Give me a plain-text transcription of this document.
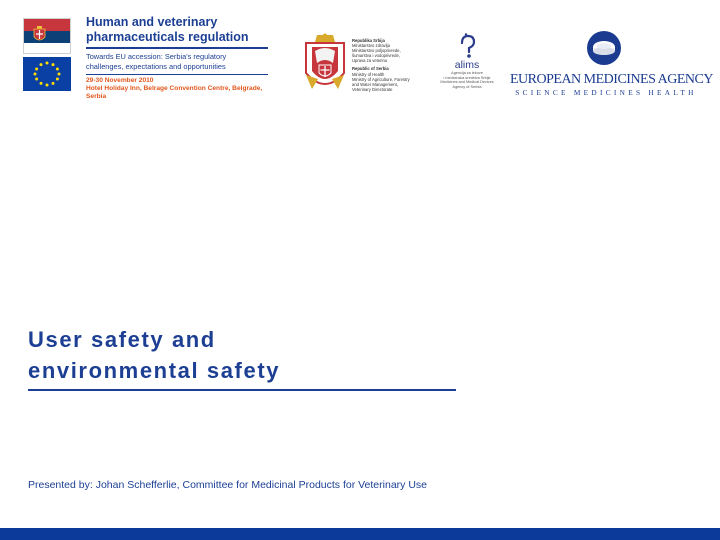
Human and veterinary
pharmaceuticals regulation
Towards EU accession: Serbia's regulatory
challenges, expectations and opportunities
29-30 November 2010
Hotel Holiday Inn, Belrage Convention Centre, Belgrade, Serbia
Republika Srbija
Ministarstvo zdravlja
Ministarstvo poljoprivrede,
šumarstva i vodoprivrede,
Uprava za veterinu
Republic of Serbia
Ministry of Health
Ministry of Agriculture, Forestry
and Water Management,
Veterinary Directorate
alims
Agencija za lekove
i medicinska sredstva Srbije
Medicines and Medical Devices
Agency of Serbia	EUROPEAN MEDICINES AGENCY
SCIENCE MEDICINES HEALTH
User safety and
environmental safety
Presented by: Johan Schefferlie, Committee for Medicinal Products for Veterinary Use
